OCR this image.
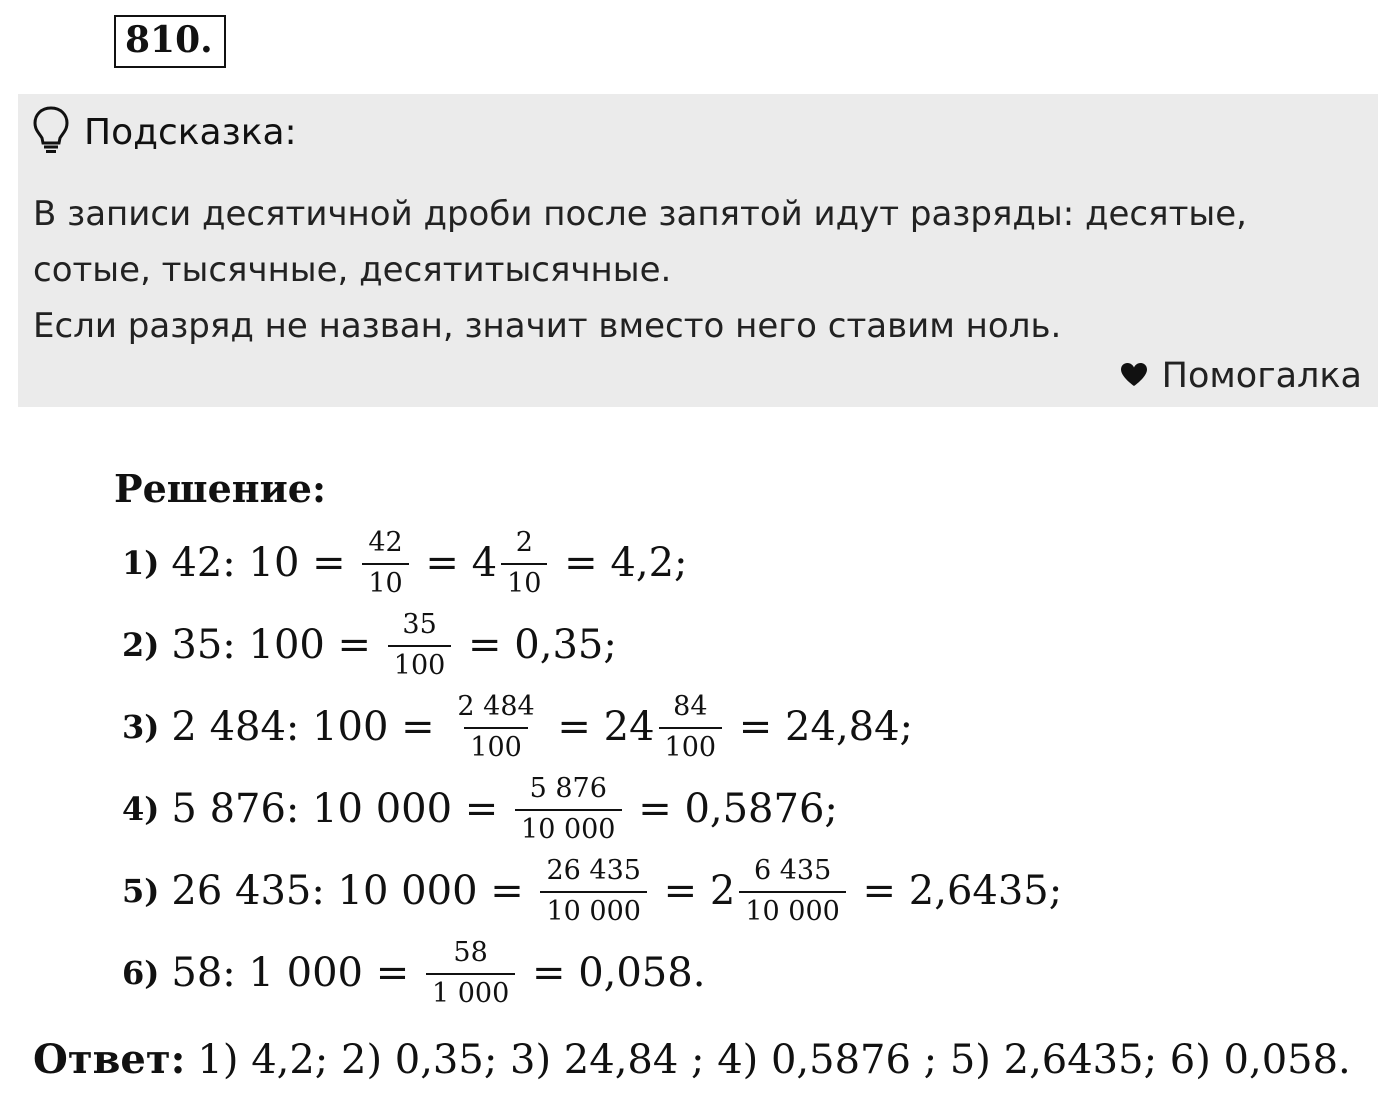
810.
Подсказка:
В записи десятичной дроби после запятой идут разряды: десятые,
сотые, тысячные, десятитысячные.
Если разряд не назван, значит вместо него ставим ноль.
Помогалка
Решение:
1) 42: $10 = \frac{42}{10} = 4 \frac{2}{10} = 4,2$;
2) 35: $100 = \frac{35}{100} = 0,35$;
3) 2 484: $100 = \frac{2 484}{100} = 24 \frac{84}{100} = 24,84$;
4) 5 876: 10 $000 = \frac{5 876}{10 000} = 0,5876$;
5) 26 435: 10 $000 = \frac{26 435}{10 000} = 2 \frac{6 435}{10 000} = 2,6435$;
6) 58: 1 $000 = \frac{58}{1 000} = 0,058$.
Ответ: 1) 4,2; 2) 0,35; 3) 24,84 ; 4) 0,5876 ; 5) 2,6435; 6) 0,058.
